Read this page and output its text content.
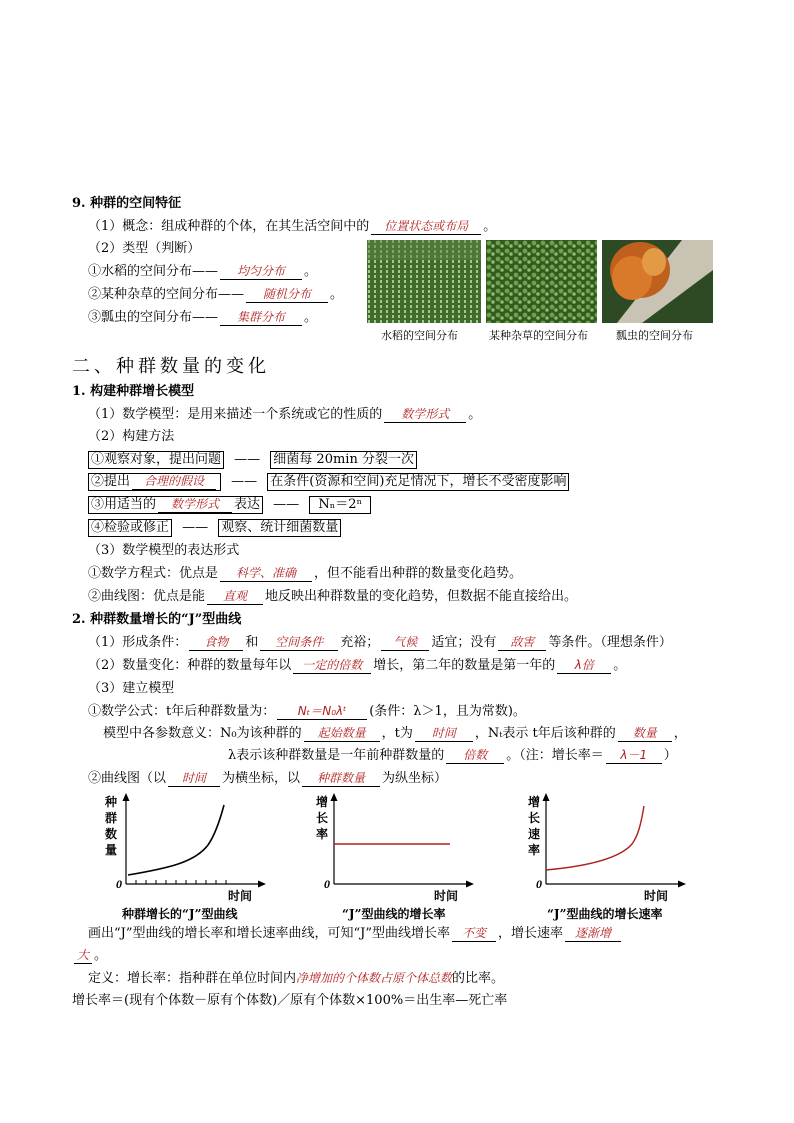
9. 种群的空间特征
（1）概念：组成种群的个体，在其生活空间中的 位置状态或布局 。
（2）类型（判断）
①水稻的空间分布—— 均匀分布 。
②某种杂草的空间分布—— 随机分布 。
③瓢虫的空间分布—— 集群分布 。
水稻的空间分布	某种杂草的空间分布	瓢虫的空间分布
二、种群数量的变化
1. 构建种群增长模型
（1）数学模型：是用来描述一个系统或它的性质的 数学形式 。
（2）构建方法
①观察对象，提出问题 —— 细菌每 20min 分裂一次
②提出 合理的假设 —— 在条件(资源和空间)充足情况下，增长不受密度影响
③用适当的 数学形式 表达 —— Nₙ＝2ⁿ
④检验或修正 —— 观察、统计细菌数量
（3）数学模型的表达形式
①数学方程式：优点是 科学、准确 ，但不能看出种群的数量变化趋势。
②曲线图：优点是能 直观 地反映出种群数量的变化趋势，但数据不能直接给出。
2. 种群数量增长的“J”型曲线
（1）形成条件： 食物 和 空间条件 充裕； 气候 适宜；没有 敌害 等条件。（理想条件）
（2）数量变化：种群的数量每年以 一定的倍数 增长，第二年的数量是第一年的 λ倍 。
（3）建立模型
①数学公式：t年后种群数量为： Nₜ＝N₀λᵗ (条件：λ＞1，且为常数)。
模型中各参数意义：N₀为该种群的 起始数量 ，t为 时间 ，Nₜ表示 t年后该种群的 数量 ，
λ表示该种群数量是一年前种群数量的 倍数 。（注：增长率＝ λ－1 ）
②曲线图（以 时间 为横坐标，以 种群数量 为纵坐标）
0
时间
种
群
数
量
种群增长的“J”型曲线
0
时间
增
长
率
“J”型曲线的增长率
0
时间
增
长
速
率
“J”型曲线的增长速率
画出“J”型曲线的增长率和增长速率曲线，可知“J”型曲线增长率 不变 ，增长速率 逐渐增
大 。
定义：增长率：指种群在单位时间内净增加的个体数占原个体总数的比率。
增长率＝(现有个体数－原有个体数)／原有个体数×100%＝出生率—死亡率
